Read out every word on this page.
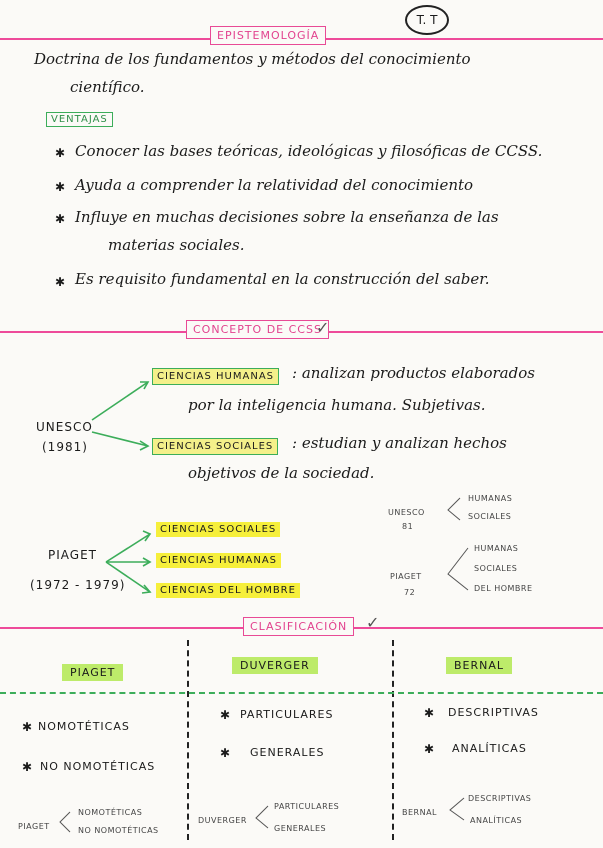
EPISTEMOLOGÍA
T. T
Doctrina de los fundamentos y métodos del conocimiento
científico.
VENTAJAS
✱ Conocer las bases teóricas, ideológicas y filosóficas de CCSS.
✱ Ayuda a comprender la relatividad del conocimiento
✱ Influye en muchas decisiones sobre la enseñanza de las
materias sociales.
✱ Es requisito fundamental en la construcción del saber.
CONCEPTO DE CCSS
✓
UNESCO
(1981)
CIENCIAS HUMANAS	: analizan productos elaborados
por la inteligencia humana. Subjetivas.
CIENCIAS SOCIALES	: estudian y analizan hechos
objetivos de la sociedad.
UNESCO
81
HUMANAS
SOCIALES
PIAGET
(1972 - 1979)
CIENCIAS SOCIALES
CIENCIAS HUMANAS
CIENCIAS DEL HOMBRE
PIAGET
72
HUMANAS
SOCIALES
DEL HOMBRE
CLASIFICACIÓN	✓
PIAGET
DUVERGER	BERNAL
✱ NOMOTÉTICAS
✱ NO NOMOTÉTICAS
✱ PARTICULARES
✱ GENERALES
✱ DESCRIPTIVAS
✱ ANALÍTICAS
PIAGET
NOMOTÉTICAS
NO NOMOTÉTICAS
DUVERGER
PARTICULARES
GENERALES
BERNAL
DESCRIPTIVAS
ANALÍTICAS
